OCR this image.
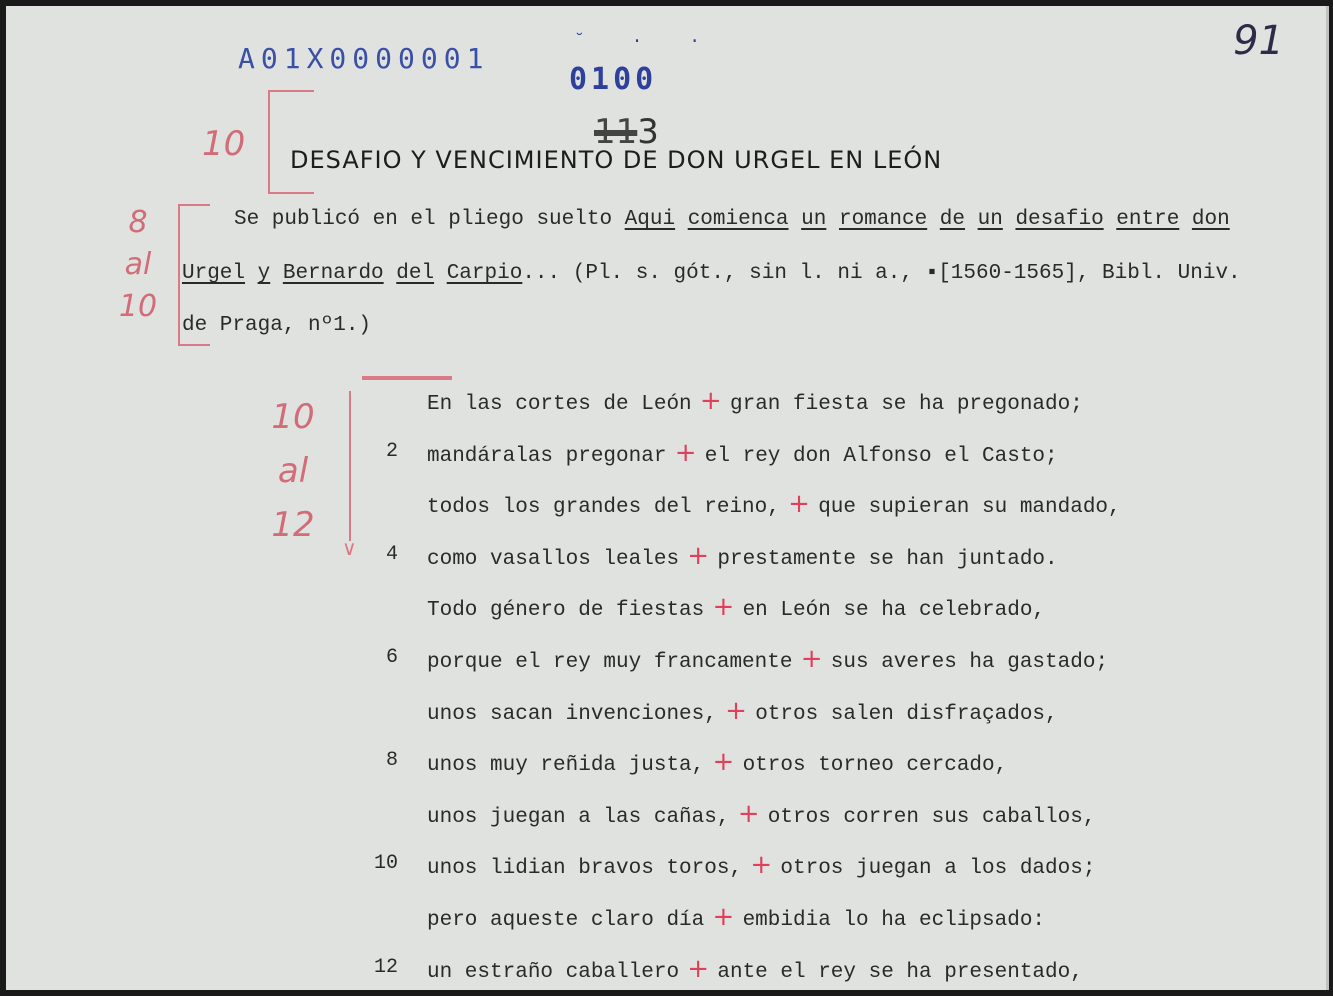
A01X0000001	˘ · ·
0100
91
113
10 DESAFIO Y VENCIMIENTO DE DON URGEL EN LEÓN
8
al
10
Se publicó en el pliego suelto Aqui comienca un romance de un desafio entre don
Urgel y Bernardo del Carpio... (Pl. s. gót., sin l. ni a., ▪[1560-1565], Bibl. Univ.
de Praga, nº1.)
10
al
12
∨
En las cortes de León + gran fiesta se ha pregonado;
2 mandáralas pregonar + el rey don Alfonso el Casto;
todos los grandes del reino, + que supieran su mandado,
4 como vasallos leales + prestamente se han juntado.
Todo género de fiestas + en León se ha celebrado,
6 porque el rey muy francamente + sus averes ha gastado;
unos sacan invenciones, + otros salen disfraçados,
8 unos muy reñida justa, + otros torneo cercado,
unos juegan a las cañas, + otros corren sus caballos,
10 unos lidian bravos toros, + otros juegan a los dados;
pero aqueste claro día + embidia lo ha eclipsado:
12 un estraño caballero + ante el rey se ha presentado,
